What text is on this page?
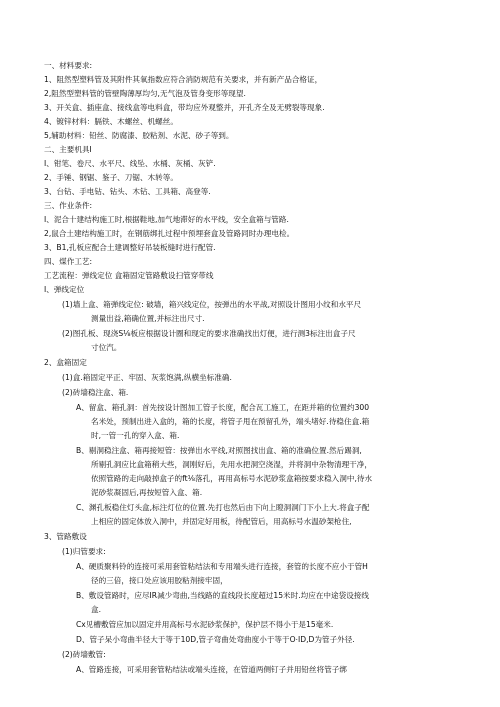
一、材料要求:
1、阻然型塑料管及其附件其氧指数应符合消防规范有关要求，并有新产品合格证，
2,阻然型塑料管的管壁陶薄厚均匀,无气泡及管身变形等现望.
3、开关盒、插座盒、接线盒等电料盒，带均应外观整并，开孔齐全及无劈裂等现象.
4、镀锌材料：膈铁、木螺丝、机螺丝。
5,辅助材料：铅丝、防腐漆、胶粘剂、水泥、砂子等到。
二、主要机具I
I、钳笔、卷尺、水平尺、线坠、水桶、灰桶、灰铲.
2、手锤、钢锯、鉴子、刀锯、木转等。
3、台钻、手电钻、钻头、木钻、工具箱、高登等.
三、作业条件:
I、泥合十建结构施工时,根据鞋地,加气地滞好的水平线，安全盒箱与管路.
2,鼠合土建结构施工时，在钢筋绑扎过程中预埋套盒及管路同时办理电检。
3、B1,孔板应配合土建调整好吊装板缝时进行配管.
四、煤作工艺:
工艺流程：弹线定位 盒箱固定管路敷设扫管穿带线
I、弹线定位
(1)墙上盒、箱弹线定位: 破墙，箱兴线定位，按弹出的水平战,对照设计图用小纹和水平尺
测量出益,箱确位置,并标注出尺寸.
(2)图孔板、现浇S⅛板应根据设计圈和现定的要求准确找出灯便，进行测3标注出盒子尺
寸位汽。
2、盒箱固定
(1)盒.箱固定平正、牢固、灰浆饱满,纵横坐标准确.
(2)砖墙稳注盒、箱.
A、留盒、箱孔洞：首先按设计图加工管子长度，配合瓦工施工，在距并箱的位置约300
名米处，预制出进入盒的，箱的长度，将管子甩在预留孔外，端头堵好.待稳住盒.箱
时,一管一孔的穿入盒、箱.
B、剔洞稳注盒、箱再接短管：按弹出水平线,对照图找出盒、箱的准确位置.然后踢洞,
所剔孔洞应比盒箱稍大些，洞刚好后，先用水把洞空浇湿，并将洞中杂物清理干净，
依照管路的走向敲掉盒子的ft⅛落孔，再用高标号水泥砂浆盒箱按要求稳入洞中,待水
泥砂浆凝固后,再按短管入盒、箱.
C、渊孔板稳住灯头盒,标注灯位的位置.先打也然后由下向上瞪洞洞门下小上大.将盒子配
上相应的固定体放入洞中，并固定好用板，待配管后，用高标号水温砂架枪住,
3、管路敷设
(1)归管要求:
A、硬质聚料铃的连接可采用套管粘结法和专用端头进行连接，套管的长度不应小于管H
径的三倍，接口处应该用胶粘剂接牢固，
B、敷设管路时，应尽IR减少弯曲,当线路的直线段长度超过15米时.均应在中途袋设接线
盒.
Cx见槽敷管应加以固定并用高标号水泥砂浆保护，保护层不得小于是15毫米.
D、管子呆小弯曲半径大于等于10D,管子弯曲处弯曲度小于等于O⋅ID,D为管子外径.
(2)砖墙敷管:
A、管路连接，可采用套管粘结法或端头连接，在管道两侧钉子并用铅丝将管子绑
